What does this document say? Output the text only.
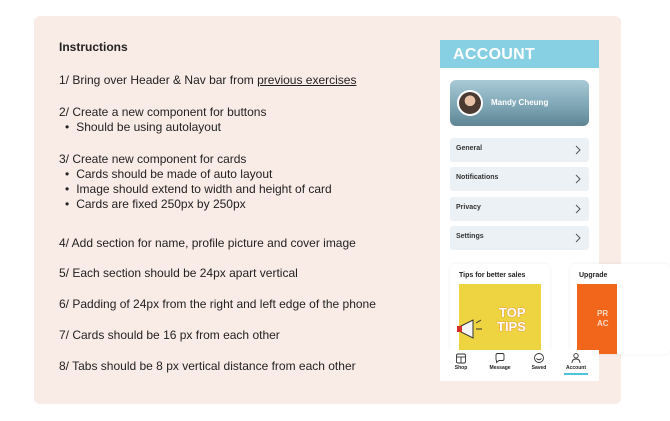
Instructions
1/ Bring over Header & Nav bar from previous exercises
2/ Create a new component for buttons
• Should be using autolayout
3/ Create new component for cards
• Cards should be made of auto layout
• Image should extend to width and height of card
• Cards are fixed 250px by 250px
4/ Add section for name, profile picture and cover image
5/ Each section should be 24px apart vertical
6/ Padding of 24px from the right and left edge of the phone
7/ Cards should be 16 px from each other
8/ Tabs should be 8 px vertical distance from each other
ACCOUNT
Mandy Cheung
General
Notifications
Privacy
Settings
Tips for better sales
TOP
TIPS
Upgrade
PR
AC
Shop	Message	Saved	Account
